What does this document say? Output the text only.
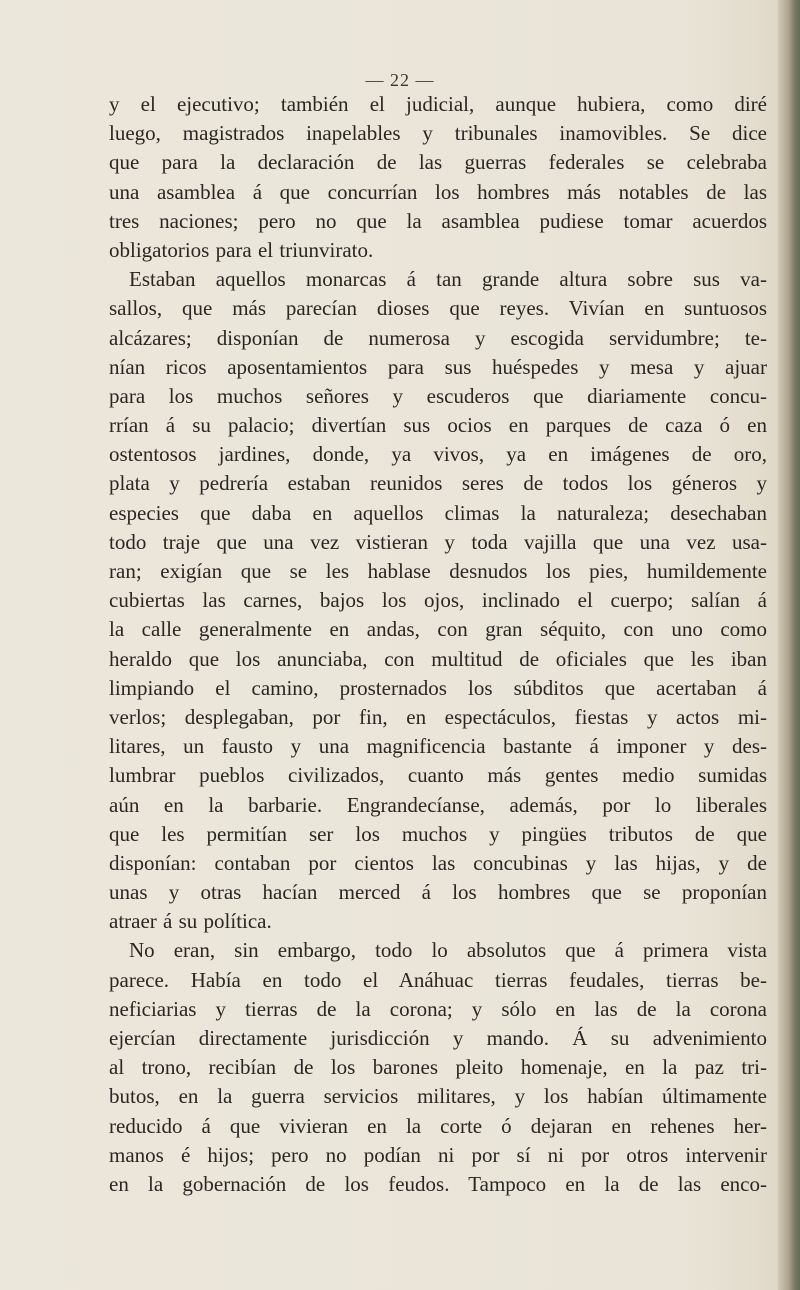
— 22 —
y el ejecutivo; también el judicial, aunque hubiera, como diré
luego, magistrados inapelables y tribunales inamovibles. Se dice
que para la declaración de las guerras federales se celebraba
una asamblea á que concurrían los hombres más notables de las
tres naciones; pero no que la asamblea pudiese tomar acuerdos
obligatorios para el triunvirato.
Estaban aquellos monarcas á tan grande altura sobre sus va-
sallos, que más parecían dioses que reyes. Vivían en suntuosos
alcázares; disponían de numerosa y escogida servidumbre; te-
nían ricos aposentamientos para sus huéspedes y mesa y ajuar
para los muchos señores y escuderos que diariamente concu-
rrían á su palacio; divertían sus ocios en parques de caza ó en
ostentosos jardines, donde, ya vivos, ya en imágenes de oro,
plata y pedrería estaban reunidos seres de todos los géneros y
especies que daba en aquellos climas la naturaleza; desechaban
todo traje que una vez vistieran y toda vajilla que una vez usa-
ran; exigían que se les hablase desnudos los pies, humildemente
cubiertas las carnes, bajos los ojos, inclinado el cuerpo; salían á
la calle generalmente en andas, con gran séquito, con uno como
heraldo que los anunciaba, con multitud de oficiales que les iban
limpiando el camino, prosternados los súbditos que acertaban á
verlos; desplegaban, por fin, en espectáculos, fiestas y actos mi-
litares, un fausto y una magnificencia bastante á imponer y des-
lumbrar pueblos civilizados, cuanto más gentes medio sumidas
aún en la barbarie. Engrandecíanse, además, por lo liberales
que les permitían ser los muchos y pingües tributos de que
disponían: contaban por cientos las concubinas y las hijas, y de
unas y otras hacían merced á los hombres que se proponían
atraer á su política.
No eran, sin embargo, todo lo absolutos que á primera vista
parece. Había en todo el Anáhuac tierras feudales, tierras be-
neficiarias y tierras de la corona; y sólo en las de la corona
ejercían directamente jurisdicción y mando. Á su advenimiento
al trono, recibían de los barones pleito homenaje, en la paz tri-
butos, en la guerra servicios militares, y los habían últimamente
reducido á que vivieran en la corte ó dejaran en rehenes her-
manos é hijos; pero no podían ni por sí ni por otros intervenir
en la gobernación de los feudos. Tampoco en la de las enco-
